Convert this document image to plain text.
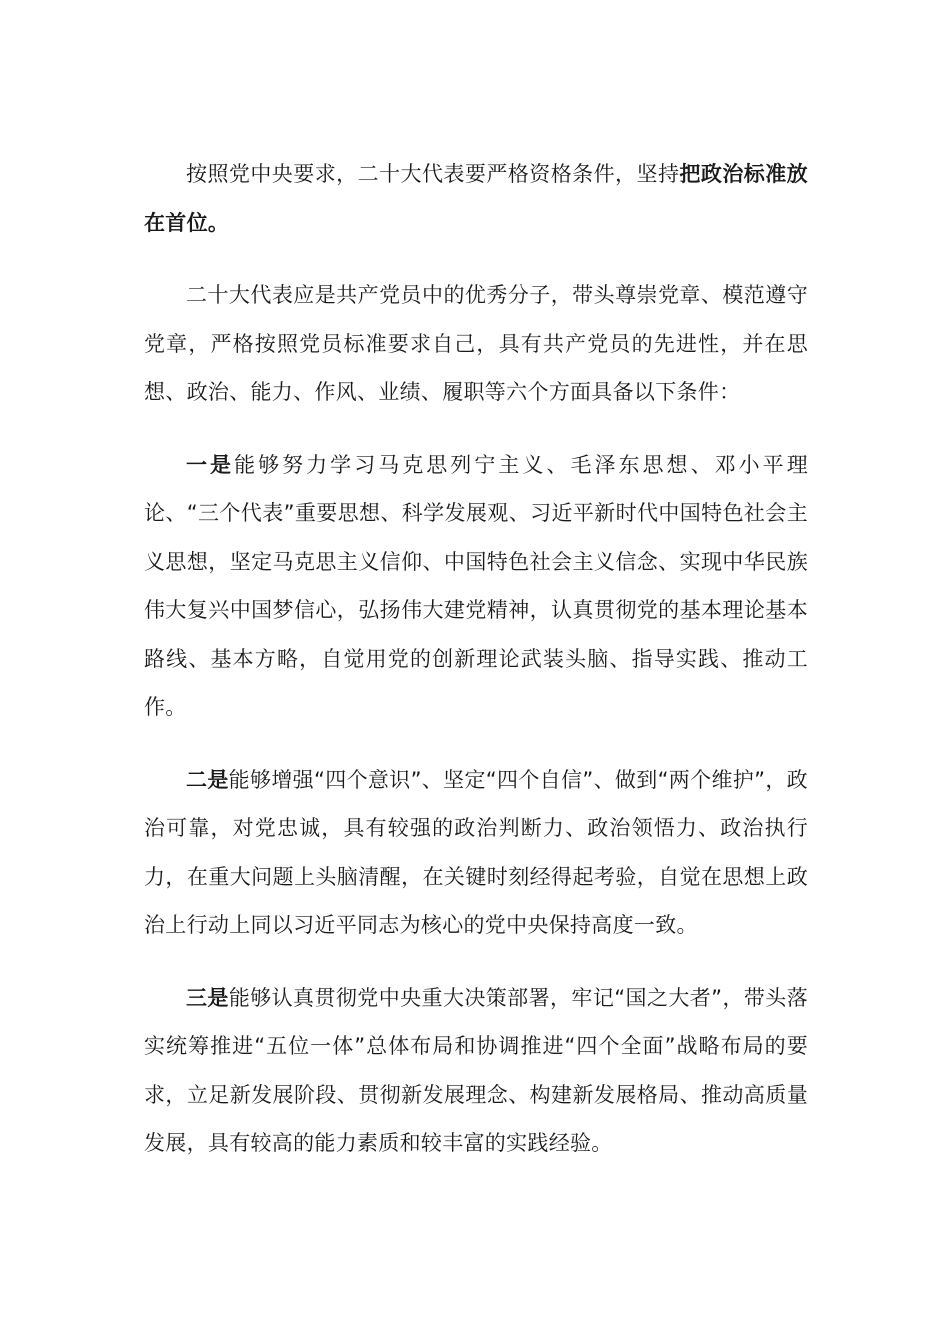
按照党中央要求，二十大代表要严格资格条件，坚持把政治标准放在首位。

二十大代表应是共产党员中的优秀分子，带头尊崇党章、模范遵守党章，严格按照党员标准要求自己，具有共产党员的先进性，并在思想、政治、能力、作风、业绩、履职等六个方面具备以下条件：

一是能够努力学习马克思列宁主义、毛泽东思想、邓小平理论、“三个代表”重要思想、科学发展观、习近平新时代中国特色社会主义思想，坚定马克思主义信仰、中国特色社会主义信念、实现中华民族伟大复兴中国梦信心，弘扬伟大建党精神，认真贯彻党的基本理论基本路线、基本方略，自觉用党的创新理论武装头脑、指导实践、推动工作。

二是能够增强“四个意识”、坚定“四个自信”、做到“两个维护”，政治可靠，对党忠诚，具有较强的政治判断力、政治领悟力、政治执行力，在重大问题上头脑清醒，在关键时刻经得起考验，自觉在思想上政治上行动上同以习近平同志为核心的党中央保持高度一致。

三是能够认真贯彻党中央重大决策部署，牢记“国之大者”，带头落实统筹推进“五位一体”总体布局和协调推进“四个全面”战略布局的要求，立足新发展阶段、贯彻新发展理念、构建新发展格局、推动高质量发展，具有较高的能力素质和较丰富的实践经验。
